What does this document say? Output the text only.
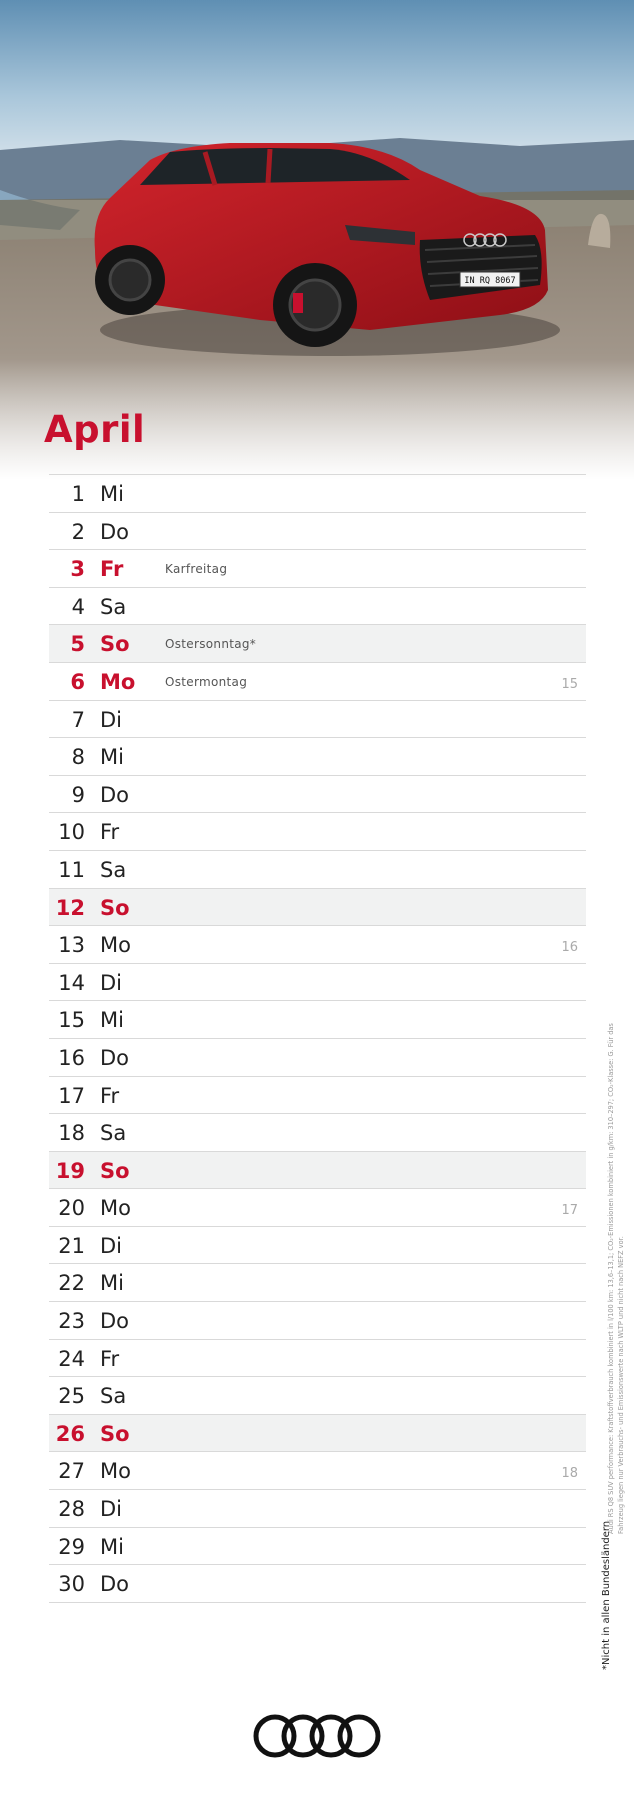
IN RQ 8067
April
1 Mi
2 Do
3 Fr	Karfreitag
4 Sa
5 So	Ostersonntag*
6 Mo Ostermontag	15
7 Di
8 Mi
9 Do
10 Fr
11 Sa
12 So
13 Mo	16
14 Di
15 Mi
16 Do
17 Fr
18 Sa
19 So
20 Mo	17
21 Di
22 Mi
23 Do
24 Fr
25 Sa
26 So
27 Mo	18
28 Di
29 Mi
30 Do
Audi RS Q8 SUV performance: Kraftstoffverbrauch kombiniert in l/100 km: 13,6–13,1; CO₂-Emissionen kombiniert in g/km: 310–297; CO₂-Klasse: G. Für das Fahrzeug liegen nur Verbrauchs- und Emissionswerte nach WLTP und nicht nach NEFZ vor.
*Nicht in allen Bundesländern
